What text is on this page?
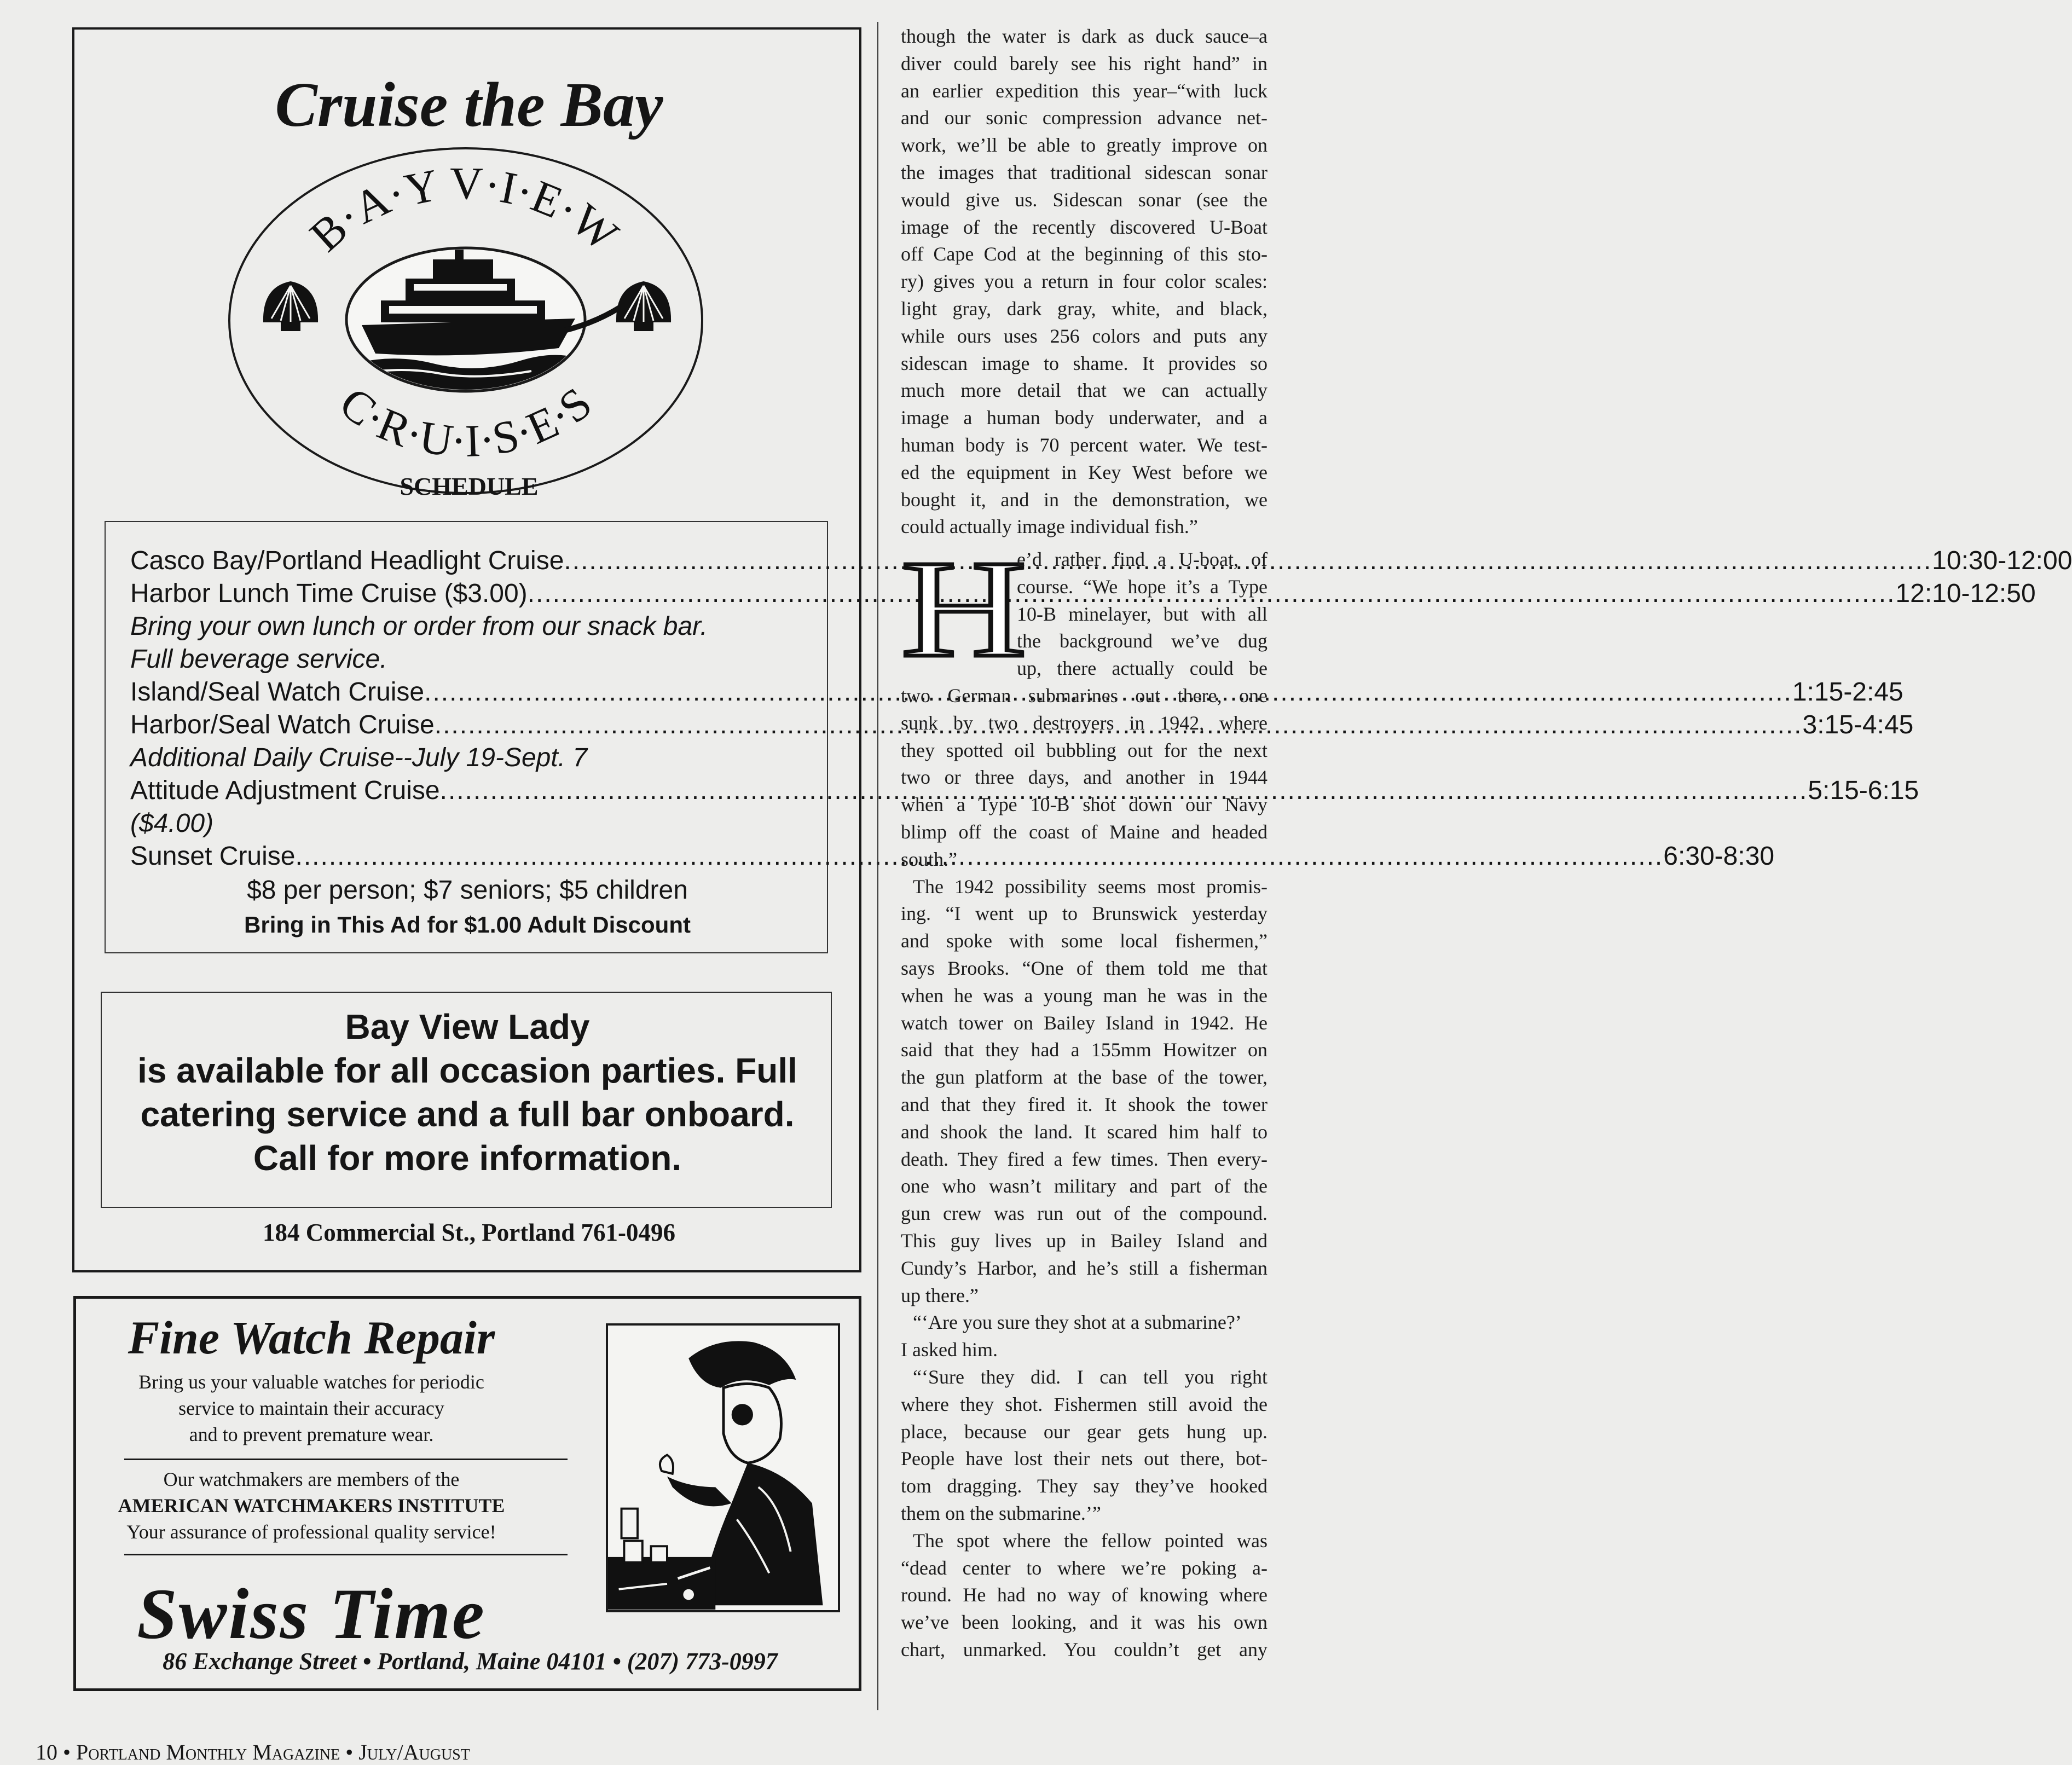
Cruise the Bay
B·A·Y V·I·E·W
C·R·U·I·S·E·S
SCHEDULE
Casco Bay/Portland Headlight Cruise .....	10:30-12:00
Harbor Lunch Time Cruise ($3.00) .....	12:10-12:50
Bring your own lunch or order from our snack bar.
Full beverage service.
Island/Seal Watch Cruise .....	1:15-2:45
Harbor/Seal Watch Cruise .....	3:15-4:45
Additional Daily Cruise--July 19-Sept. 7
Attitude Adjustment Cruise .....	5:15-6:15
($4.00)
Sunset Cruise .....	6:30-8:30
$8 per person; $7 seniors; $5 children
Bring in This Ad for $1.00 Adult Discount
Bay View Lady
is available for all occasion parties. Full
catering service and a full bar onboard.
Call for more information.
184 Commercial St., Portland 761-0496
Fine Watch Repair
Bring us your valuable watches for periodic
service to maintain their accuracy
and to prevent premature wear.
Our watchmakers are members of the
AMERICAN WATCHMAKERS INSTITUTE
Your assurance of professional quality service!
Swiss Time
86 Exchange Street • Portland, Maine 04101 • (207) 773-0997
though the water is dark as duck sauce–a
diver could barely see his right hand” in
an earlier expedition this year–“with luck
and our sonic compression advance net-
work, we’ll be able to greatly improve on
the images that traditional sidescan sonar
would give us. Sidescan sonar (see the
image of the recently discovered U-Boat
off Cape Cod at the beginning of this sto-
ry) gives you a return in four color scales:
light gray, dark gray, white, and black,
while ours uses 256 colors and puts any
sidescan image to shame. It provides so
much more detail that we can actually
image a human body underwater, and a
human body is 70 percent water. We test-
ed the equipment in Key West before we
bought it, and in the demonstration, we
could actually image individual fish.”
H
e’d rather find a U-boat, of
course. “We hope it’s a Type
10-B minelayer, but with all
the background we’ve dug
up, there actually could be
two German submarines out there, one
sunk by two destroyers in 1942, where
they spotted oil bubbling out for the next
two or three days, and another in 1944
when a Type 10-B shot down our Navy
blimp off the coast of Maine and headed
south.”
The 1942 possibility seems most promis-
ing. “I went up to Brunswick yesterday
and spoke with some local fishermen,”
says Brooks. “One of them told me that
when he was a young man he was in the
watch tower on Bailey Island in 1942. He
said that they had a 155mm Howitzer on
the gun platform at the base of the tower,
and that they fired it. It shook the tower
and shook the land. It scared him half to
death. They fired a few times. Then every-
one who wasn’t military and part of the
gun crew was run out of the compound.
This guy lives up in Bailey Island and
Cundy’s Harbor, and he’s still a fisherman
up there.”
“‘Are you sure they shot at a submarine?’
I asked him.
“‘Sure they did. I can tell you right
where they shot. Fishermen still avoid the
place, because our gear gets hung up.
People have lost their nets out there, bot-
tom dragging. They say they’ve hooked
them on the submarine.’”
The spot where the fellow pointed was
“dead center to where we’re poking a-
round. He had no way of knowing where
we’ve been looking, and it was his own
chart, unmarked. You couldn’t get any
10 • Portland Monthly Magazine • July/August
